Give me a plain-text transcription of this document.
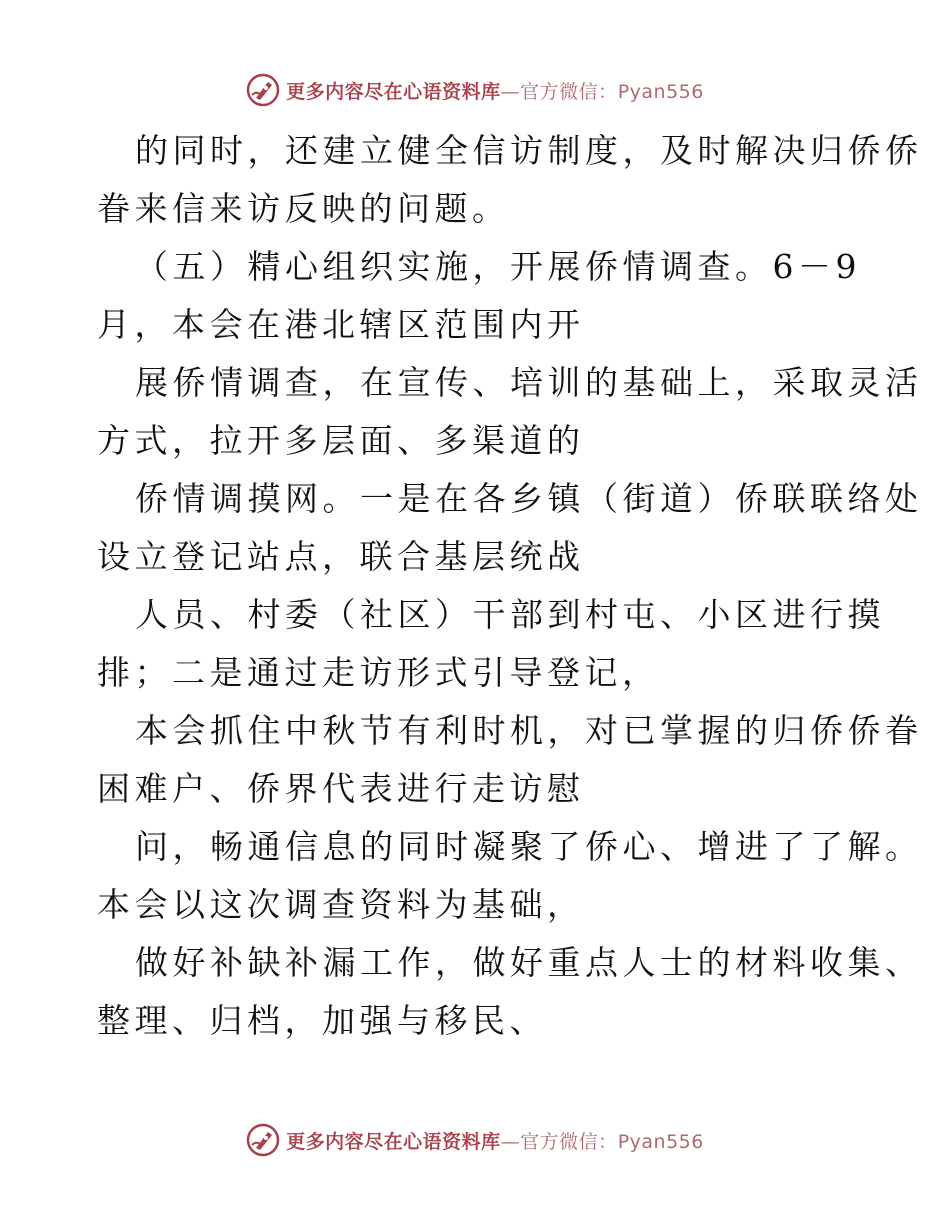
更多内容尽在心语资料库—官方微信：Pyan556
的同时，还建立健全信访制度，及时解决归侨侨
眷来信来访反映的问题。
（五）精心组织实施，开展侨情调查。6－9
月，本会在港北辖区范围内开
展侨情调查，在宣传、培训的基础上，采取灵活
方式，拉开多层面、多渠道的
侨情调摸网。一是在各乡镇（街道）侨联联络处
设立登记站点，联合基层统战
人员、村委（社区）干部到村屯、小区进行摸
排；二是通过走访形式引导登记，
本会抓住中秋节有利时机，对已掌握的归侨侨眷
困难户、侨界代表进行走访慰
问，畅通信息的同时凝聚了侨心、增进了了解。
本会以这次调查资料为基础，
做好补缺补漏工作，做好重点人士的材料收集、
整理、归档，加强与移民、
更多内容尽在心语资料库—官方微信：Pyan556
